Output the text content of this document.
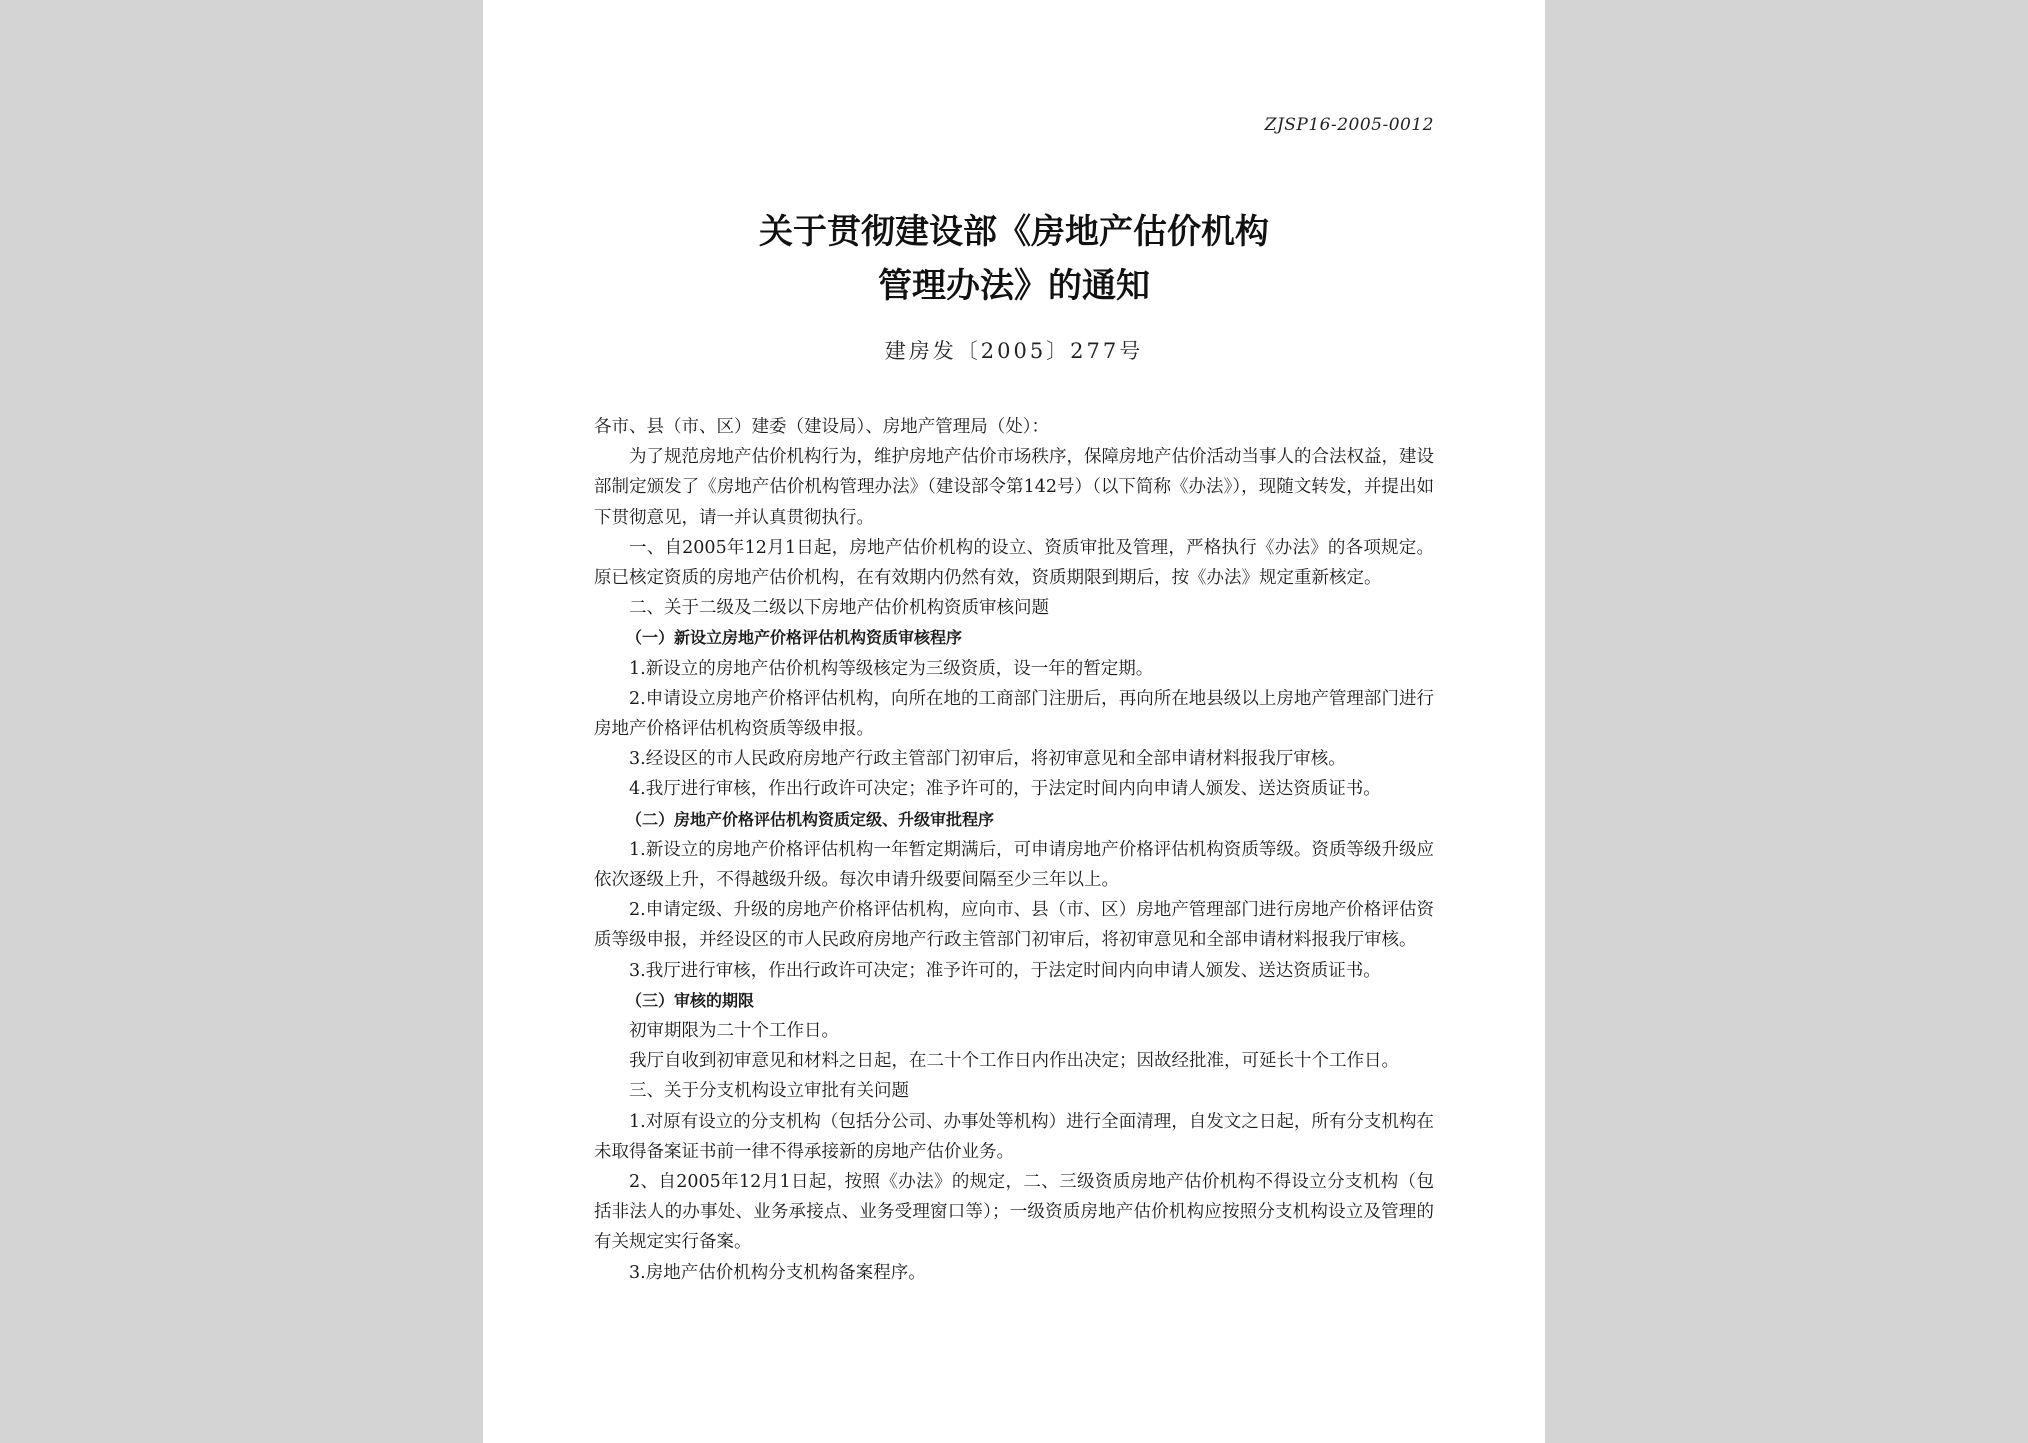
ZJSP16-2005-0012
关于贯彻建设部《房地产估价机构
管理办法》的通知
建房发〔2005〕277号

各市、县（市、区）建委（建设局）、房地产管理局（处）：

为了规范房地产估价机构行为，维护房地产估价市场秩序，保障房地产估价活动当事人的合法权益，建设部制定颁发了《房地产估价机构管理办法》（建设部令第142号）（以下简称《办法》），现随文转发，并提出如下贯彻意见，请一并认真贯彻执行。

一、自2005年12月1日起，房地产估价机构的设立、资质审批及管理，严格执行《办法》的各项规定。原已核定资质的房地产估价机构，在有效期内仍然有效，资质期限到期后，按《办法》规定重新核定。

二、关于二级及二级以下房地产估价机构资质审核问题

（一）新设立房地产价格评估机构资质审核程序

1.新设立的房地产估价机构等级核定为三级资质，设一年的暂定期。

2.申请设立房地产价格评估机构，向所在地的工商部门注册后，再向所在地县级以上房地产管理部门进行房地产价格评估机构资质等级申报。

3.经设区的市人民政府房地产行政主管部门初审后，将初审意见和全部申请材料报我厅审核。

4.我厅进行审核，作出行政许可决定；准予许可的，于法定时间内向申请人颁发、送达资质证书。

（二）房地产价格评估机构资质定级、升级审批程序

1.新设立的房地产价格评估机构一年暂定期满后，可申请房地产价格评估机构资质等级。资质等级升级应依次逐级上升，不得越级升级。每次申请升级要间隔至少三年以上。

2.申请定级、升级的房地产价格评估机构，应向市、县（市、区）房地产管理部门进行房地产价格评估资质等级申报，并经设区的市人民政府房地产行政主管部门初审后，将初审意见和全部申请材料报我厅审核。

3.我厅进行审核，作出行政许可决定；准予许可的，于法定时间内向申请人颁发、送达资质证书。

（三）审核的期限

初审期限为二十个工作日。

我厅自收到初审意见和材料之日起，在二十个工作日内作出决定；因故经批准，可延长十个工作日。

三、关于分支机构设立审批有关问题

1.对原有设立的分支机构（包括分公司、办事处等机构）进行全面清理，自发文之日起，所有分支机构在未取得备案证书前一律不得承接新的房地产估价业务。

2、自2005年12月1日起，按照《办法》的规定，二、三级资质房地产估价机构不得设立分支机构（包括非法人的办事处、业务承接点、业务受理窗口等）；一级资质房地产估价机构应按照分支机构设立及管理的有关规定实行备案。

3.房地产估价机构分支机构备案程序。
